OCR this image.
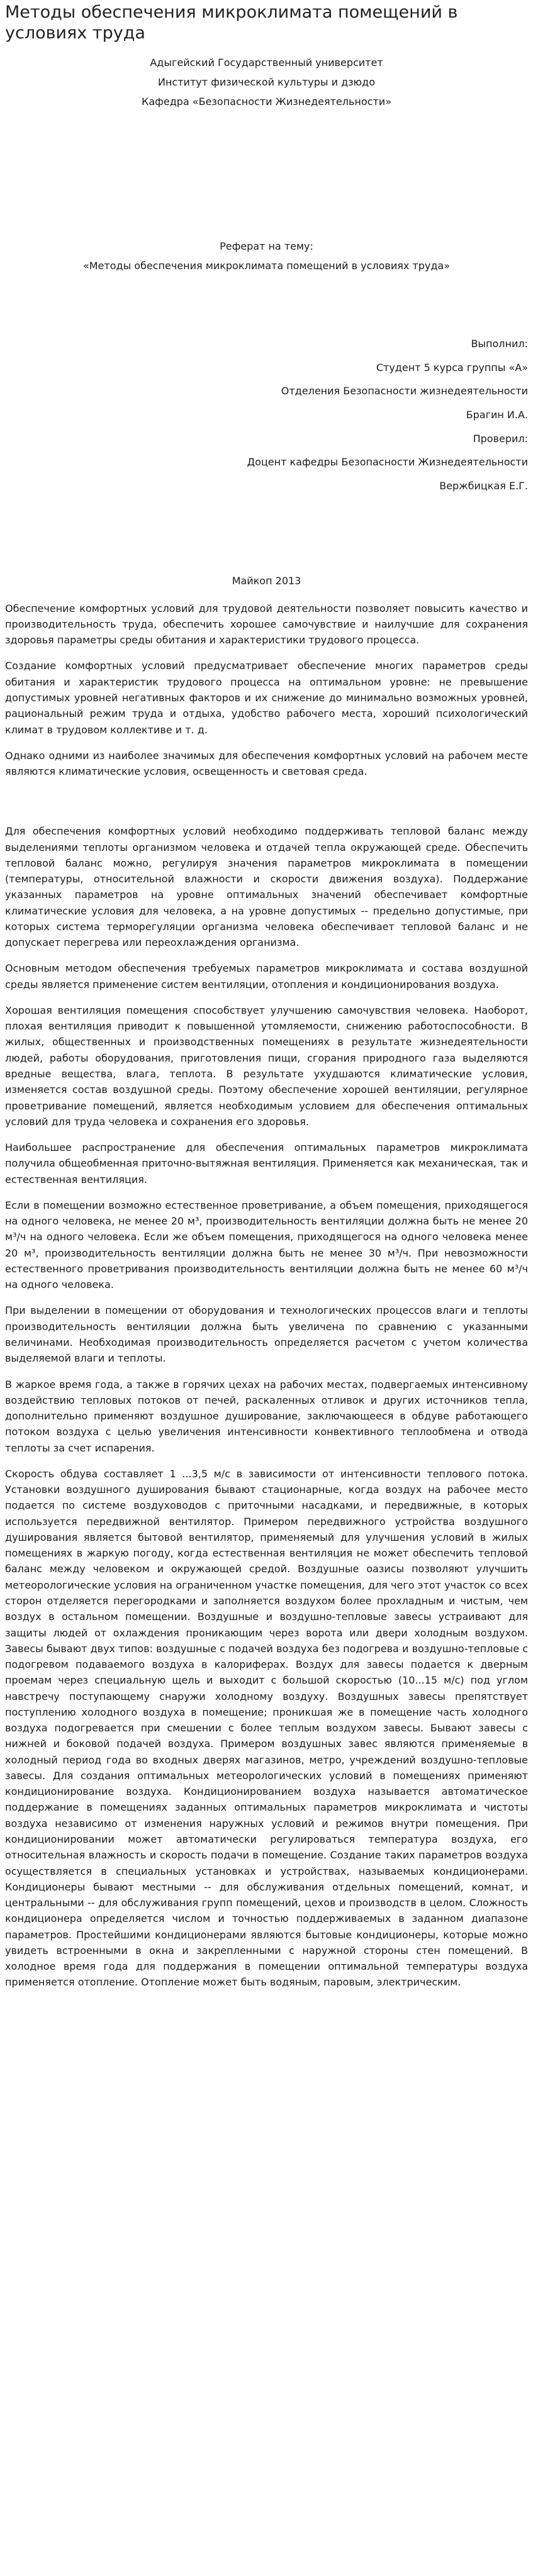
Методы обеспечения микроклимата помещений в условиях труда

Адыгейский Государственный университет

Институт физической культуры и дзюдо

Кафедра «Безопасности Жизнедеятельности»

Реферат на тему:

«Методы обеспечения микроклимата помещений в условиях труда»

Выполнил:

Студент 5 курса группы «А»

Отделения Безопасности жизнедеятельности

Брагин И.А.

Проверил:

Доцент кафедры Безопасности Жизнедеятельности

Вержбицкая Е.Г.

Майкоп 2013

Обеспечение комфортных условий для трудовой деятельности позволяет повысить качество и производительность труда, обеспечить хорошее самочувствие и наилучшие для сохранения здоровья параметры среды обитания и характеристики трудового процесса.

Создание комфортных условий предусматривает обеспечение многих параметров среды обитания и характеристик трудового процесса на оптимальном уровне: не превышение допустимых уровней негативных факторов и их снижение до минимально возможных уровней, рациональный режим труда и отдыха, удобство рабочего места, хороший психологический климат в трудовом коллективе и т. д.

Однако одними из наиболее значимых для обеспечения комфортных условий на рабочем месте являются климатические условия, освещенность и световая среда.

Для обеспечения комфортных условий необходимо поддерживать тепловой баланс между выделениями теплоты организмом человека и отдачей тепла окружающей среде. Обеспечить тепловой баланс можно, регулируя значения параметров микроклимата в помещении (температуры, относительной влажности и скорости движения воздуха). Поддержание указанных параметров на уровне оптимальных значений обеспечивает комфортные климатические условия для человека, а на уровне допустимых -- предельно допустимые, при которых система терморегуляции организма человека обеспечивает тепловой баланс и не допускает перегрева или переохлаждения организма.

Основным методом обеспечения требуемых параметров микроклимата и состава воздушной среды является применение систем вентиляции, отопления и кондиционирования воздуха.

Хорошая вентиляция помещения способствует улучшению самочувствия человека. Наоборот, плохая вентиляция приводит к повышенной утомляемости, снижению работоспособности. В жилых, общественных и производственных помещениях в результате жизнедеятельности людей, работы оборудования, приготовления пищи, сгорания природного газа выделяются вредные вещества, влага, теплота. В результате ухудшаются климатические условия, изменяется состав воздушной среды. Поэтому обеспечение хорошей вентиляции, регулярное проветривание помещений, является необходимым условием для обеспечения оптимальных условий для труда человека и сохранения его здоровья.

Наибольшее распространение для обеспечения оптимальных параметров микроклимата получила общеобменная приточно-вытяжная вентиляция. Применяется как механическая, так и естественная вентиляция.

Если в помещении возможно естественное проветривание, а объем помещения, приходящегося на одного человека, не менее 20 м³, производительность вентиляции должна быть не менее 20 м³/ч на одного человека. Если же объем помещения, приходящегося на одного человека менее 20 м³, производительность вентиляции должна быть не менее 30 м³/ч. При невозможности естественного проветривания производительность вентиляции должна быть не менее 60 м³/ч на одного человека.

При выделении в помещении от оборудования и технологических процессов влаги и теплоты производительность вентиляции должна быть увеличена по сравнению с указанными величинами. Необходимая производительность определяется расчетом с учетом количества выделяемой влаги и теплоты.

В жаркое время года, а также в горячих цехах на рабочих местах, подвергаемых интенсивному воздействию тепловых потоков от печей, раскаленных отливок и других источников тепла, дополнительно применяют воздушное душирование, заключающееся в обдуве работающего потоком воздуха с целью увеличения интенсивности конвективного теплообмена и отвода теплоты за счет испарения.

Скорость обдува составляет 1 ...3,5 м/с в зависимости от интенсивности теплового потока. Установки воздушного душирования бывают стационарные, когда воздух на рабочее место подается по системе воздуховодов с приточными насадками, и передвижные, в которых используется передвижной вентилятор. Примером передвижного устройства воздушного душирования является бытовой вентилятор, применяемый для улучшения условий в жилых помещениях в жаркую погоду, когда естественная вентиляция не может обеспечить тепловой баланс между человеком и окружающей средой. Воздушные оазисы позволяют улучшить метеорологические условия на ограниченном участке помещения, для чего этот участок со всех сторон отделяется перегородками и заполняется воздухом более прохладным и чистым, чем воздух в остальном помещении. Воздушные и воздушно-тепловые завесы устраивают для защиты людей от охлаждения проникающим через ворота или двери холодным воздухом. Завесы бывают двух типов: воздушные с подачей воздуха без подогрева и воздушно-тепловые с подогревом подаваемого воздуха в калориферах. Воздух для завесы подается к дверным проемам через специальную щель и выходит с большой скоростью (10...15 м/с) под углом навстречу поступающему снаружи холодному воздуху. Воздушных завесы препятствует поступлению холодного воздуха в помещение; проникшая же в помещение часть холодного воздуха подогревается при смешении с более теплым воздухом завесы. Бывают завесы с нижней и боковой подачей воздуха. Примером воздушных завес являются применяемые в холодный период года во входных дверях магазинов, метро, учреждений воздушно-тепловые завесы. Для создания оптимальных метеорологических условий в помещениях применяют кондиционирование воздуха. Кондиционированием воздуха называется автоматическое поддержание в помещениях заданных оптимальных параметров микроклимата и чистоты воздуха независимо от изменения наружных условий и режимов внутри помещения. При кондиционировании может автоматически регулироваться температура воздуха, его относительная влажность и скорость подачи в помещение. Создание таких параметров воздуха осуществляется в специальных установках и устройствах, называемых кондиционерами. Кондиционеры бывают местными -- для обслуживания отдельных помещений, комнат, и центральными -- для обслуживания групп помещений, цехов и производств в целом. Сложность кондиционера определяется числом и точностью поддерживаемых в заданном диапазоне параметров. Простейшими кондиционерами являются бытовые кондиционеры, которые можно увидеть встроенными в окна и закрепленными с наружной стороны стен помещений. В холодное время года для поддержания в помещении оптимальной температуры воздуха применяется отопление. Отопление может быть водяным, паровым, электрическим.
